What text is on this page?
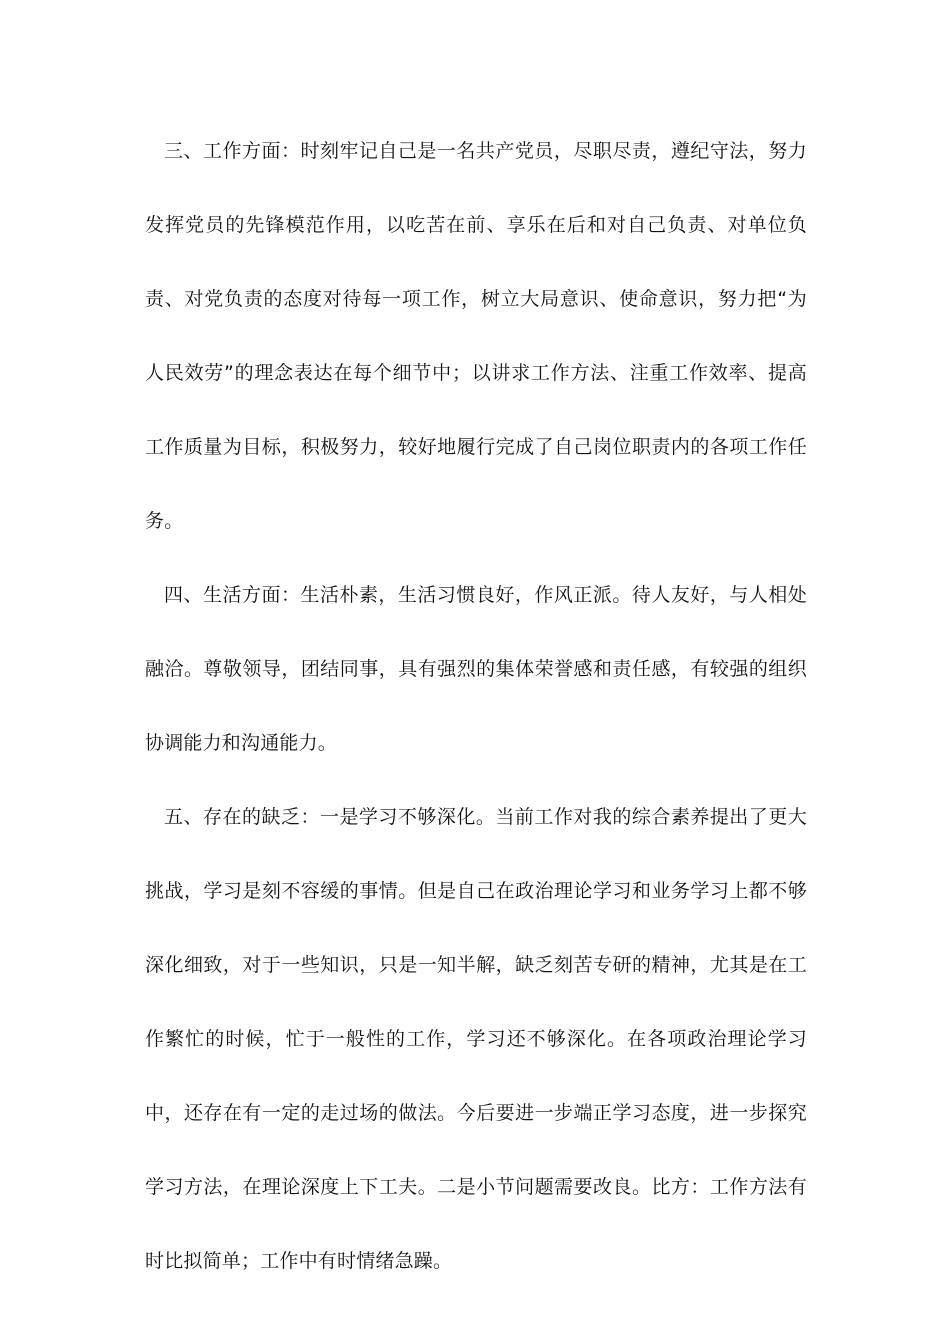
三、工作方面：时刻牢记自己是一名共产党员，尽职尽责，遵纪守法，努力发挥党员的先锋模范作用，以吃苦在前、享乐在后和对自己负责、对单位负责、对党负责的态度对待每一项工作，树立大局意识、使命意识，努力把“为人民效劳”的理念表达在每个细节中；以讲求工作方法、注重工作效率、提高工作质量为目标，积极努力，较好地履行完成了自己岗位职责内的各项工作任务。

四、生活方面：生活朴素，生活习惯良好，作风正派。待人友好，与人相处融洽。尊敬领导，团结同事，具有强烈的集体荣誉感和责任感，有较强的组织协调能力和沟通能力。

五、存在的缺乏：一是学习不够深化。当前工作对我的综合素养提出了更大挑战，学习是刻不容缓的事情。但是自己在政治理论学习和业务学习上都不够深化细致，对于一些知识，只是一知半解，缺乏刻苦专研的精神，尤其是在工作繁忙的时候，忙于一般性的工作，学习还不够深化。在各项政治理论学习中，还存在有一定的走过场的做法。今后要进一步端正学习态度，进一步探究学习方法，在理论深度上下工夫。二是小节问题需要改良。比方：工作方法有时比拟简单；工作中有时情绪急躁。
